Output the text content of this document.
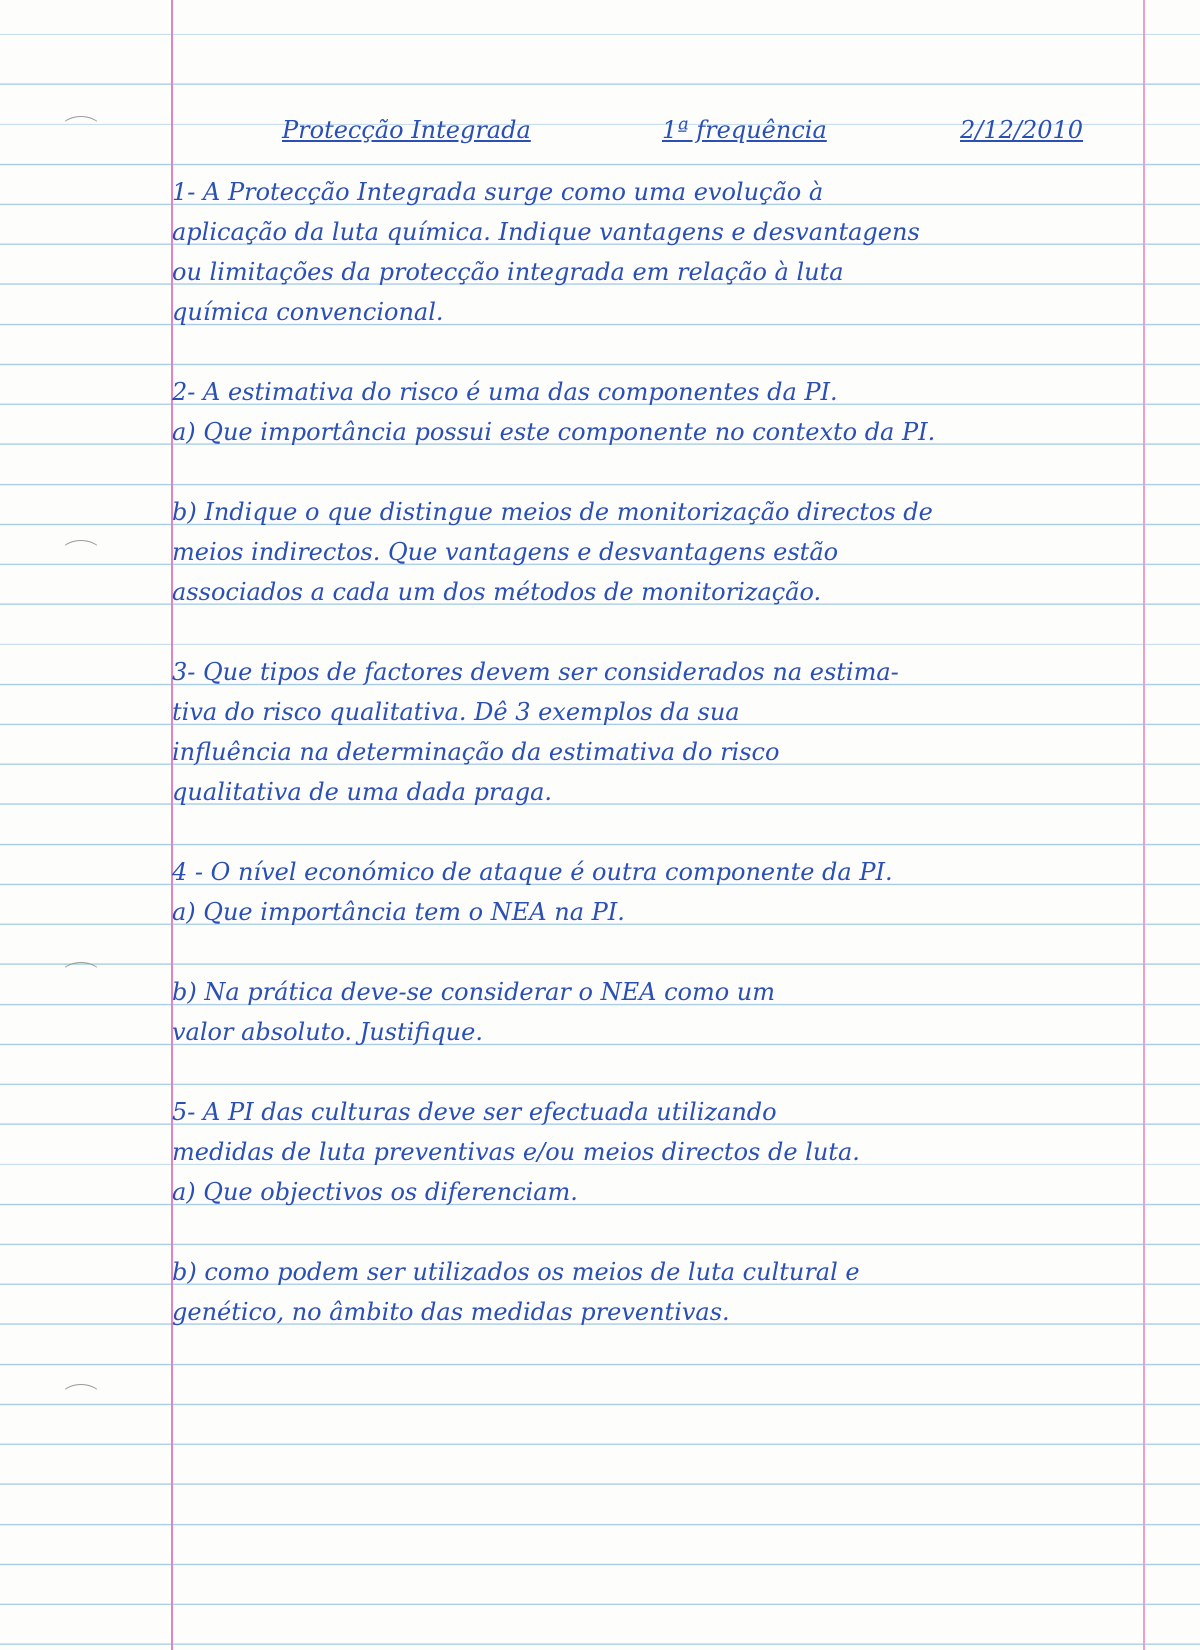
Protecção Integrada	1ª frequência	2/12/2010

1- A Protecção Integrada surge como uma evolução à

aplicação da luta química. Indique vantagens e desvantagens

ou limitações da protecção integrada em relação à luta

química convencional.

2- A estimativa do risco é uma das componentes da PI.

a) Que importância possui este componente no contexto da PI.

b) Indique o que distingue meios de monitorização directos de

meios indirectos. Que vantagens e desvantagens estão

associados a cada um dos métodos de monitorização.

3- Que tipos de factores devem ser considerados na estima-

tiva do risco qualitativa. Dê 3 exemplos da sua

influência na determinação da estimativa do risco

qualitativa de uma dada praga.

4 - O nível económico de ataque é outra componente da PI.

a) Que importância tem o NEA na PI.

b) Na prática deve-se considerar o NEA como um

valor absoluto. Justifique.

5- A PI das culturas deve ser efectuada utilizando

medidas de luta preventivas e/ou meios directos de luta.

a) Que objectivos os diferenciam.

b) como podem ser utilizados os meios de luta cultural e

genético, no âmbito das medidas preventivas.
